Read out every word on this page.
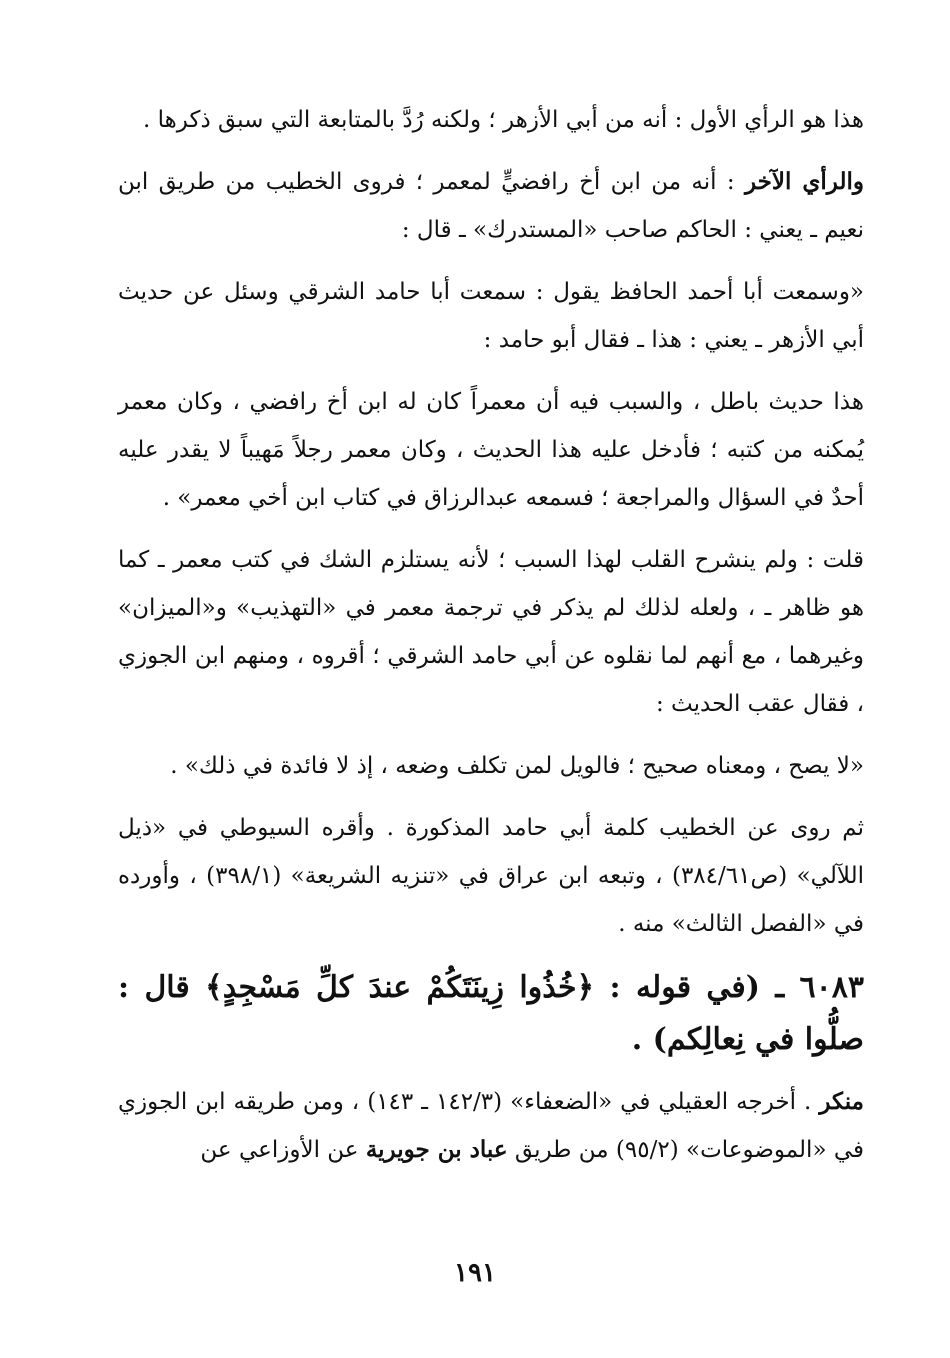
هذا هو الرأي الأول : أنه من أبي الأزهر ؛ ولكنه رُدَّ بالمتابعة التي سبق ذكرها .

والرأي الآخر : أنه من ابن أخ رافضيٍّ لمعمر ؛ فروى الخطيب من طريق ابن نعيم ـ يعني : الحاكم صاحب «المستدرك» ـ قال :

«وسمعت أبا أحمد الحافظ يقول : سمعت أبا حامد الشرقي وسئل عن حديث أبي الأزهر ـ يعني : هذا ـ فقال أبو حامد :

هذا حديث باطل ، والسبب فيه أن معمراً كان له ابن أخ رافضي ، وكان معمر يُمكنه من كتبه ؛ فأدخل عليه هذا الحديث ، وكان معمر رجلاً مَهيباً لا يقدر عليه أحدٌ في السؤال والمراجعة ؛ فسمعه عبدالرزاق في كتاب ابن أخي معمر» .

قلت : ولم ينشرح القلب لهذا السبب ؛ لأنه يستلزم الشك في كتب معمر ـ كما هو ظاهر ـ ، ولعله لذلك لم يذكر في ترجمة معمر في «التهذيب» و«الميزان» وغيرهما ، مع أنهم لما نقلوه عن أبي حامد الشرقي ؛ أقروه ، ومنهم ابن الجوزي ، فقال عقب الحديث :

«لا يصح ، ومعناه صحيح ؛ فالويل لمن تكلف وضعه ، إذ لا فائدة في ذلك» .

ثم روى عن الخطيب كلمة أبي حامد المذكورة . وأقره السيوطي في «ذيل اللآلي» (ص٣٨٤/٦١) ، وتبعه ابن عراق في «تنزيه الشريعة» (٣٩٨/١) ، وأورده في «الفصل الثالث» منه .

٦٠٨٣ ـ (في قوله : ﴿خُذُوا زِينَتَكُمْ عندَ كلِّ مَسْجِدٍ﴾ قال : صلُّوا في نِعالِكم) .

منكر . أخرجه العقيلي في «الضعفاء» (١٤٢/٣ ـ ١٤٣) ، ومن طريقه ابن الجوزي في «الموضوعات» (٩٥/٢) من طريق عباد بن جويرية عن الأوزاعي عن

١٩١
